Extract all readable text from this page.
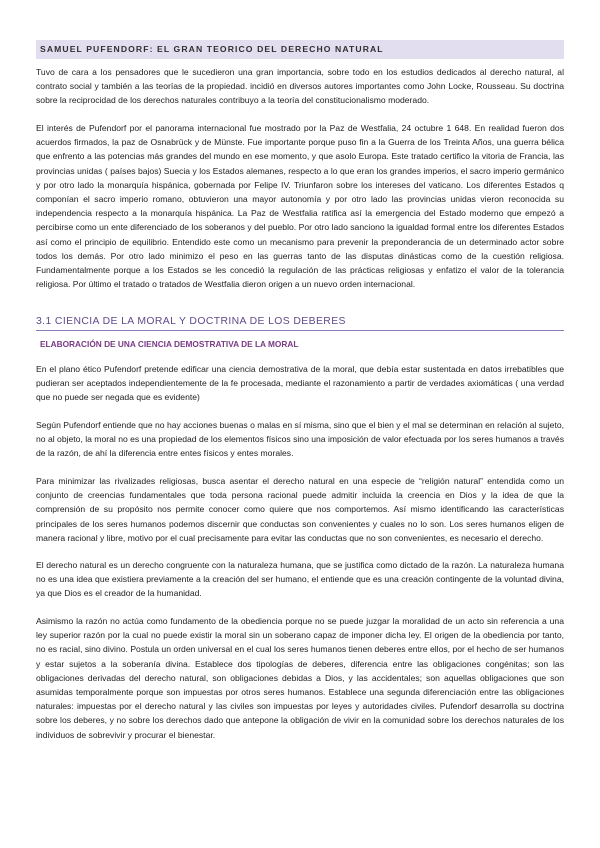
SAMUEL PUFENDORF: EL GRAN TEORICO DEL DERECHO NATURAL

Tuvo de cara a los pensadores que le sucedieron una gran importancia, sobre todo en los estudios dedicados al derecho natural, al contrato social y también a las teorías de la propiedad. incidió en diversos autores importantes como John Locke, Rousseau. Su doctrina sobre la reciprocidad de los derechos naturales contribuyo a la teoría del constitucionalismo moderado.

El interés de Pufendorf por el panorama internacional fue mostrado por la Paz de Westfalia, 24 octubre 1 648. En realidad fueron dos acuerdos firmados, la paz de Osnabrück y de Münste. Fue importante porque puso fin a la Guerra de los Treinta Años, una guerra bélica que enfrento a las potencias más grandes del mundo en ese momento, y que asolo Europa. Este tratado certifico la vitoria de Francia, las provincias unidas ( países bajos) Suecia y los Estados alemanes, respecto a lo que eran los grandes imperios, el sacro imperio germánico y por otro lado la monarquía hispánica, gobernada por Felipe IV. Triunfaron sobre los intereses del vaticano. Los diferentes Estados q componían el sacro imperio romano, obtuvieron una mayor autonomía y por otro lado las provincias unidas vieron reconocida su independencia respecto a la monarquía hispánica. La Paz de Westfalia ratifica así la emergencia del Estado moderno que empezó a percibirse como un ente diferenciado de los soberanos y del pueblo. Por otro lado sanciono la igualdad formal entre los diferentes Estados así como el principio de equilibrio. Entendido este como un mecanismo para prevenir la preponderancia de un determinado actor sobre todos los demás. Por otro lado minimizo el peso en las guerras tanto de las disputas dinásticas como de la cuestión religiosa. Fundamentalmente porque a los Estados se les concedió la regulación de las prácticas religiosas y enfatizo el valor de la tolerancia religiosa. Por último el tratado o tratados de Westfalia dieron origen a un nuevo orden internacional.

3.1 CIENCIA DE LA MORAL Y DOCTRINA DE LOS DEBERES
ELABORACIÓN DE UNA CIENCIA DEMOSTRATIVA DE LA MORAL

En el plano ético Pufendorf pretende edificar una ciencia demostrativa de la moral, que debía estar sustentada en datos irrebatibles que pudieran ser aceptados independientemente de la fe procesada, mediante el razonamiento a partir de verdades axiomáticas ( una verdad que no puede ser negada que es evidente)

Según Pufendorf entiende que no hay acciones buenas o malas en sí misma, sino que el bien y el mal se determinan en relación al sujeto, no al objeto, la moral no es una propiedad de los elementos físicos sino una imposición de valor efectuada por los seres humanos a través de la razón, de ahí la diferencia entre entes físicos y entes morales.

Para minimizar las rivalizades religiosas, busca asentar el derecho natural en una especie de “religión natural” entendida como un conjunto de creencias fundamentales que toda persona racional puede admitir incluida la creencia en Dios y la idea de que la comprensión de su propósito nos permite conocer como quiere que nos comportemos. Así mismo identificando las características principales de los seres humanos podemos discernir que conductas son convenientes y cuales no lo son. Los seres humanos eligen de manera racional y libre, motivo por el cual precisamente para evitar las conductas que no son convenientes, es necesario el derecho.

El derecho natural es un derecho congruente con la naturaleza humana, que se justifica como dictado de la razón. La naturaleza humana no es una idea que existiera previamente a la creación del ser humano, el entiende que es una creación contingente de la voluntad divina, ya que Dios es el creador de la humanidad.

Asimismo la razón no actúa como fundamento de la obediencia porque no se puede juzgar la moralidad de un acto sin referencia a una ley superior razón por la cual no puede existir la moral sin un soberano capaz de imponer dicha ley. El origen de la obediencia por tanto, no es racial, sino divino. Postula un orden universal en el cual los seres humanos tienen deberes entre ellos, por el hecho de ser humanos y estar sujetos a la soberanía divina. Establece dos tipologías de deberes, diferencia entre las obligaciones congénitas; son las obligaciones derivadas del derecho natural, son obligaciones debidas a Dios, y las accidentales; son aquellas obligaciones que son asumidas temporalmente porque son impuestas por otros seres humanos. Establece una segunda diferenciación entre las obligaciones naturales: impuestas por el derecho natural y las civiles son impuestas por leyes y autoridades civiles. Pufendorf desarrolla su doctrina sobre los deberes, y no sobre los derechos dado que antepone la obligación de vivir en la comunidad sobre los derechos naturales de los individuos de sobrevivir y procurar el bienestar.
